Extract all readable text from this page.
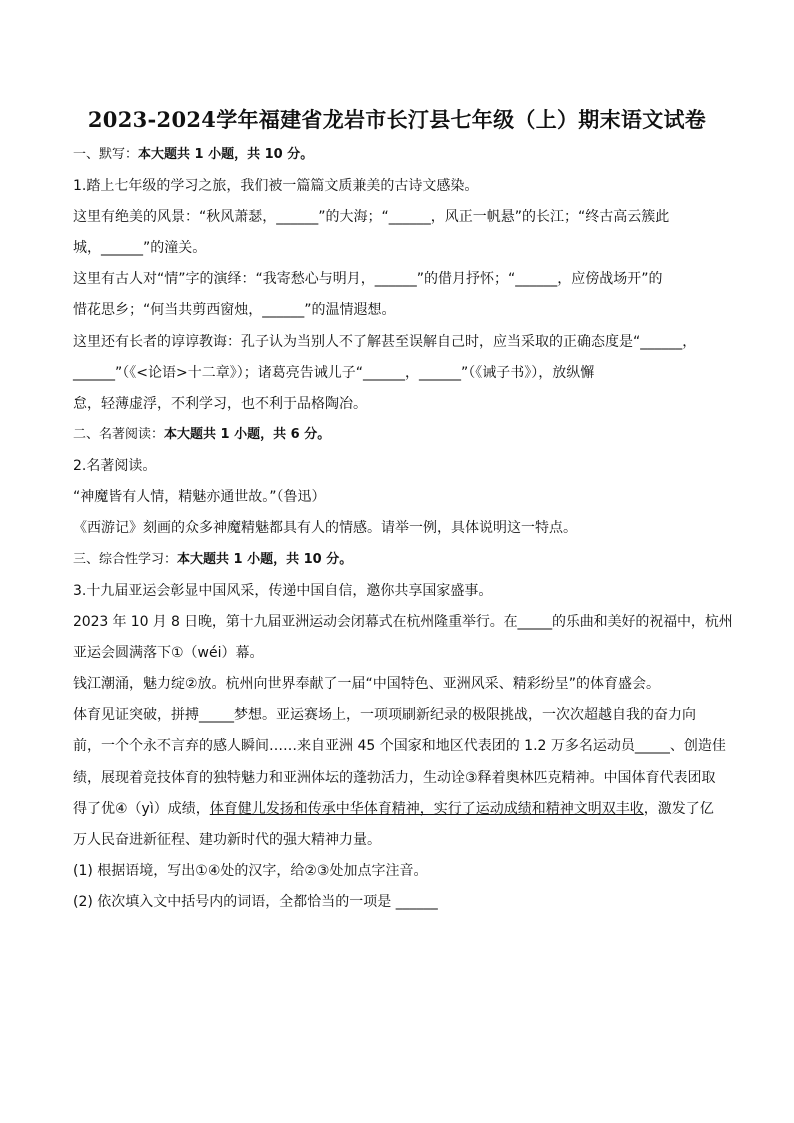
2023-2024学年福建省龙岩市长汀县七年级（上）期末语文试卷
一、默写：本大题共 1 小题，共 10 分。
1.踏上七年级的学习之旅，我们被一篇篇文质兼美的古诗文感染。
这里有绝美的风景：“秋风萧瑟，______”的大海；“______，风正一帆悬”的长江；“终古高云簇此
城，______”的潼关。
这里有古人对“情”字的演绎：“我寄愁心与明月，______”的借月抒怀；“______，应傍战场开”的
惜花思乡；“何当共剪西窗烛，______”的温情遐想。
这里还有长者的谆谆教诲：孔子认为当别人不了解甚至误解自己时，应当采取的正确态度是“______，
______”（《<论语>十二章》）；诸葛亮告诫儿子“______，______”（《诫子书》），放纵懈
怠，轻薄虚浮，不利学习，也不利于品格陶冶。
二、名著阅读：本大题共 1 小题，共 6 分。
2.名著阅读。
“神魔皆有人情，精魅亦通世故。”（鲁迅）
《西游记》刻画的众多神魔精魅都具有人的情感。请举一例，具体说明这一特点。
三、综合性学习：本大题共 1 小题，共 10 分。
3.十九届亚运会彰显中国风采，传递中国自信，邀你共享国家盛事。
2023 年 10 月 8 日晚，第十九届亚洲运动会闭幕式在杭州隆重举行。在_____的乐曲和美好的祝福中，杭州
亚运会圆满落下①（wéi）幕。
钱江潮涌，魅力绽②放。杭州向世界奉献了一届“中国特色、亚洲风采、精彩纷呈”的体育盛会。
体育见证突破，拼搏_____梦想。亚运赛场上，一项项刷新纪录的极限挑战，一次次超越自我的奋力向
前，一个个永不言弃的感人瞬间……来自亚洲 45 个国家和地区代表团的 1.2 万多名运动员_____、创造佳
绩，展现着竞技体育的独特魅力和亚洲体坛的蓬勃活力，生动诠③释着奥林匹克精神。中国体育代表团取
得了优④（yì）成绩，体育健儿发扬和传承中华体育精神，实行了运动成绩和精神文明双丰收，激发了亿
万人民奋进新征程、建功新时代的强大精神力量。
(1) 根据语境，写出①④处的汉字，给②③处加点字注音。
(2) 依次填入文中括号内的词语，全都恰当的一项是 ______
